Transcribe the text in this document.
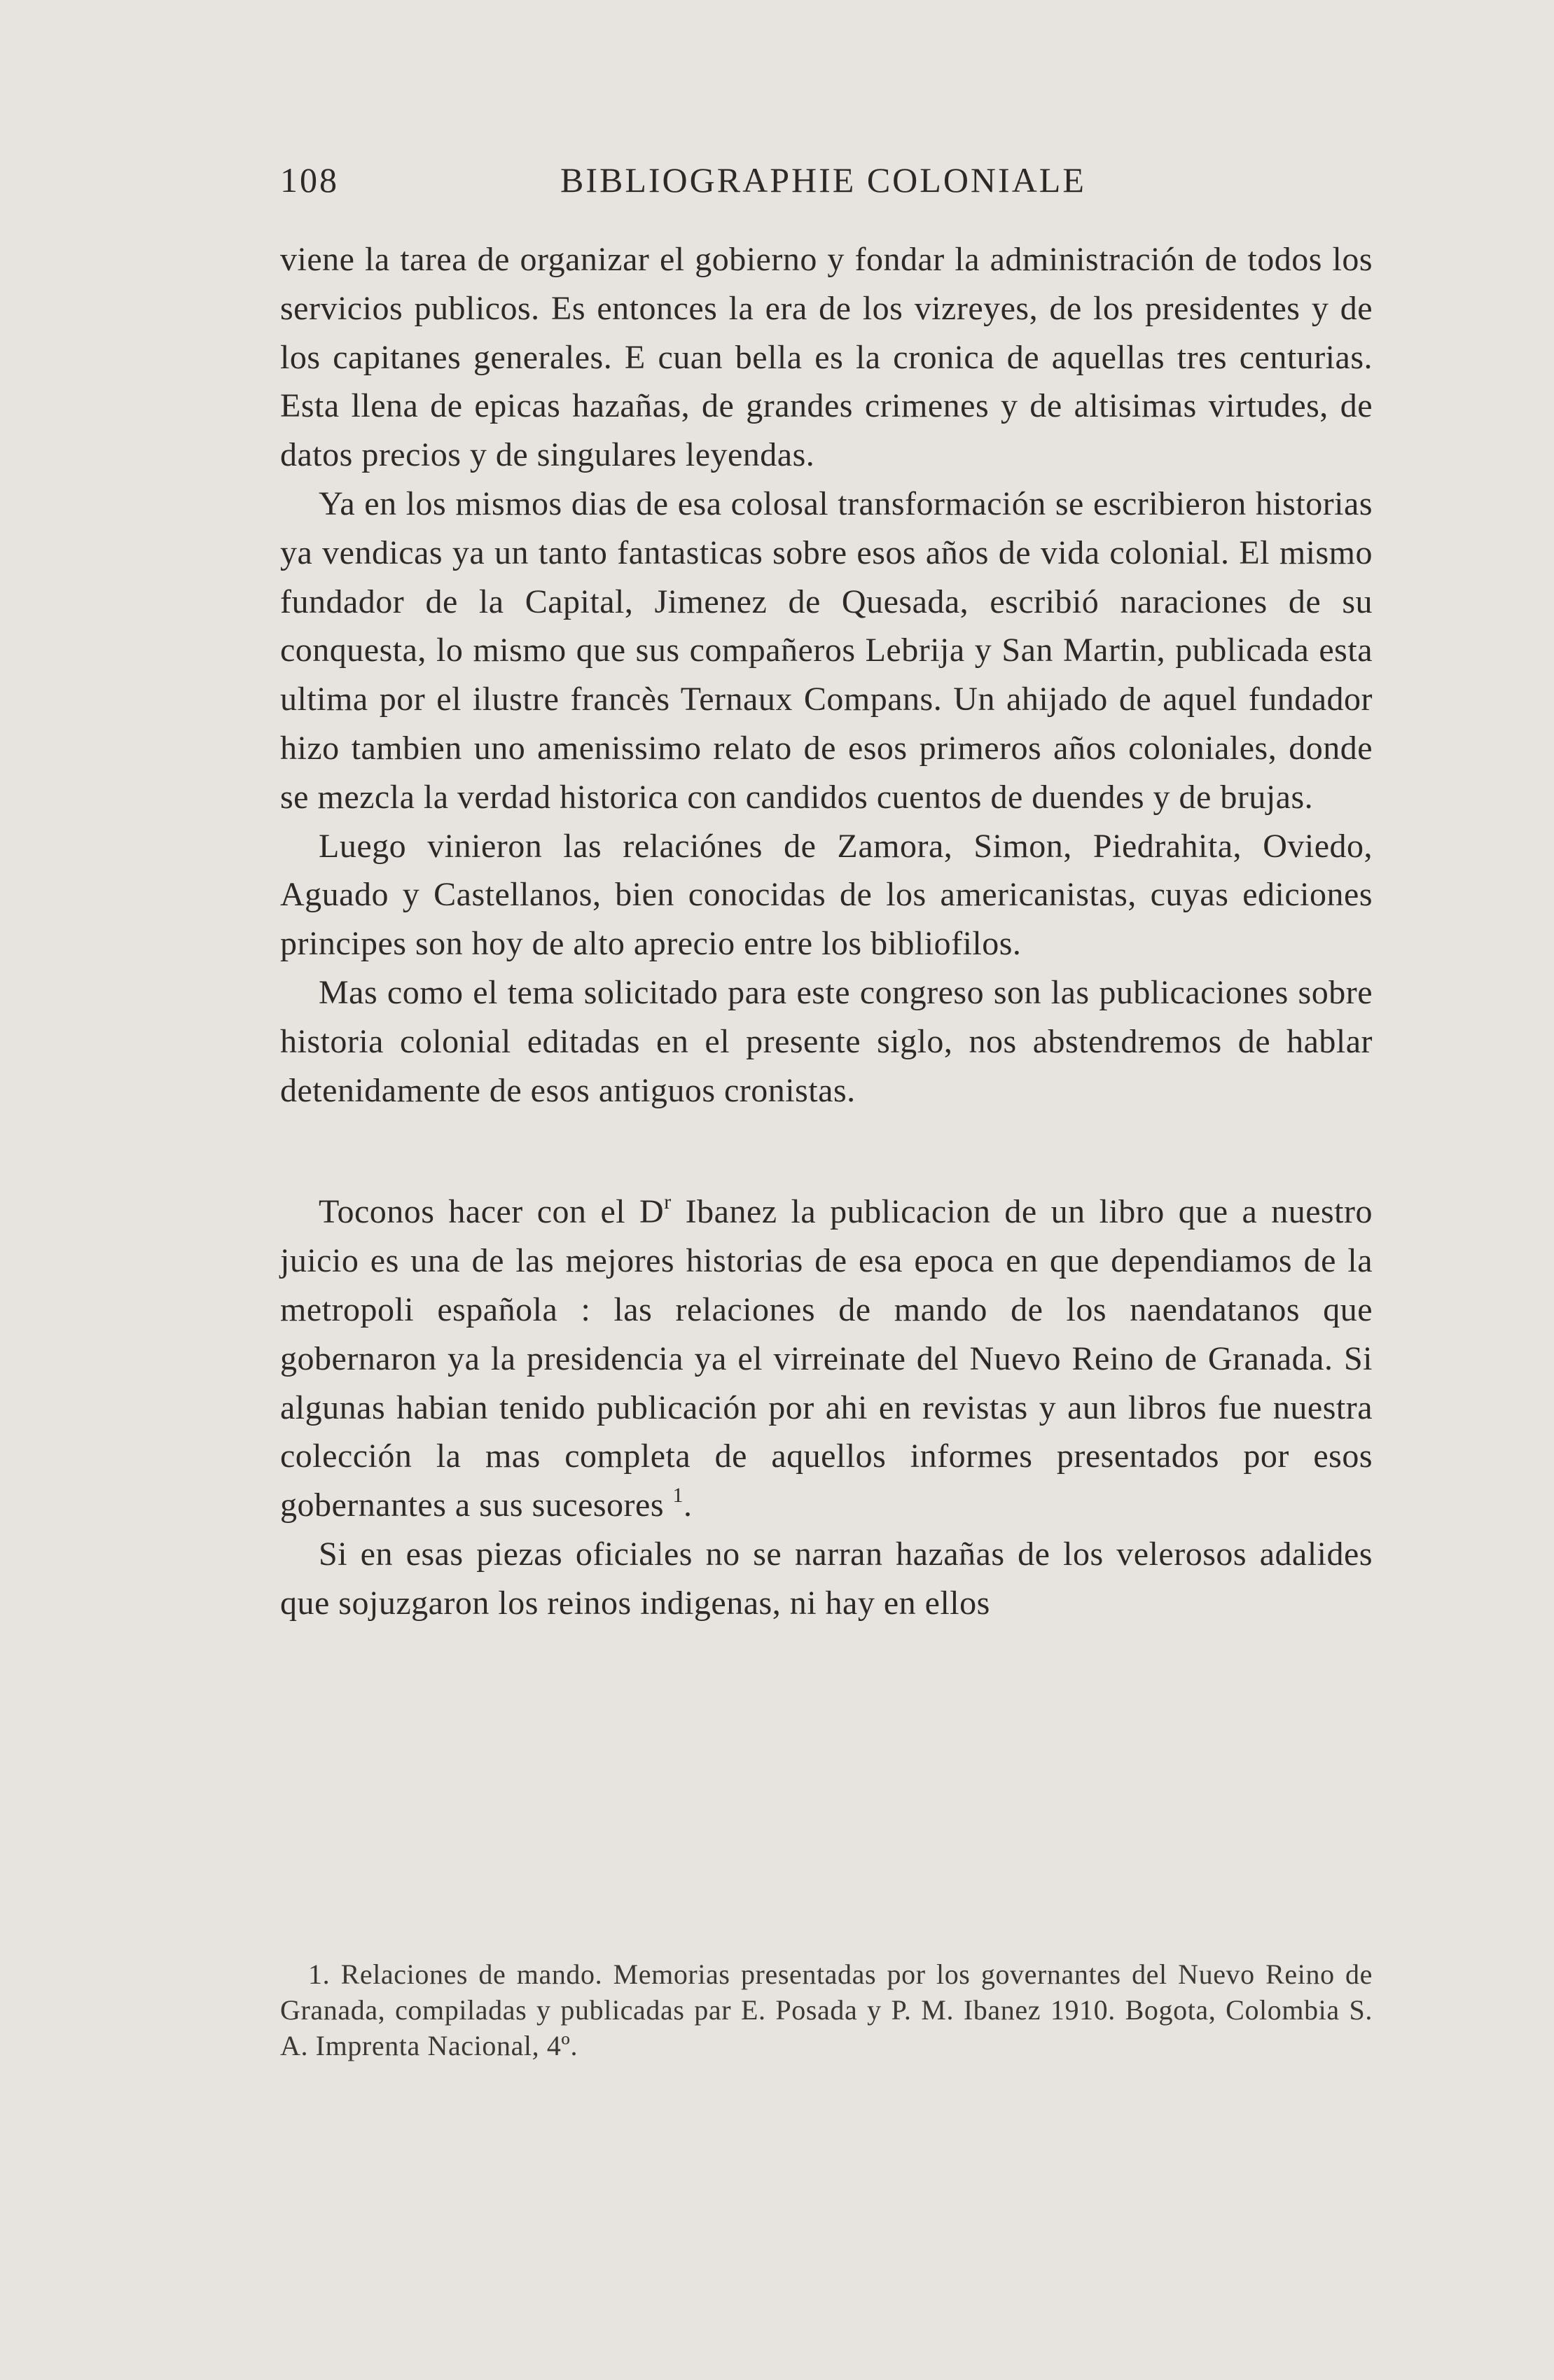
108	BIBLIOGRAPHIE COLONIALE

viene la tarea de organizar el gobierno y fondar la administración de todos los servicios publicos. Es entonces la era de los vizreyes, de los presidentes y de los capitanes generales. E cuan bella es la cronica de aquellas tres centurias. Esta llena de epicas hazañas, de grandes crimenes y de altisimas virtudes, de datos precios y de singulares leyendas.

Ya en los mismos dias de esa colosal transformación se escribieron historias ya vendicas ya un tanto fantasticas sobre esos años de vida colonial. El mismo fundador de la Capital, Jimenez de Quesada, escribió naraciones de su conquesta, lo mismo que sus compañeros Lebrija y San Martin, publicada esta ultima por el ilustre francès Ternaux Compans. Un ahijado de aquel fundador hizo tambien uno amenissimo relato de esos primeros años coloniales, donde se mezcla la verdad historica con candidos cuentos de duendes y de brujas.

Luego vinieron las relaciónes de Zamora, Simon, Piedrahita, Oviedo, Aguado y Castellanos, bien conocidas de los americanistas, cuyas ediciones principes son hoy de alto aprecio entre los bibliofilos.

Mas como el tema solicitado para este congreso son las publicaciones sobre historia colonial editadas en el presente siglo, nos abstendremos de hablar detenidamente de esos antiguos cronistas.

Toconos hacer con el $D^r$ Ibanez la publicacion de un libro que a nuestro juicio es una de las mejores historias de esa epoca en que dependiamos de la metropoli española : las relaciones de mando de los naendatanos que gobernaron ya la presidencia ya el virreinate del Nuevo Reino de Granada. Si algunas habian tenido publicación por ahi en revistas y aun libros fue nuestra colección la mas completa de aquellos informes presentados por esos gobernantes a sus sucesores $^1$.

Si en esas piezas oficiales no se narran hazañas de los velerosos adalides que sojuzgaron los reinos indigenas, ni hay en ellos

1. Relaciones de mando. Memorias presentadas por los governantes del Nuevo Reino de Granada, compiladas y publicadas par E. Posada y P. M. Ibanez 1910. Bogota, Colombia S. A. Imprenta Nacional, 4º.
